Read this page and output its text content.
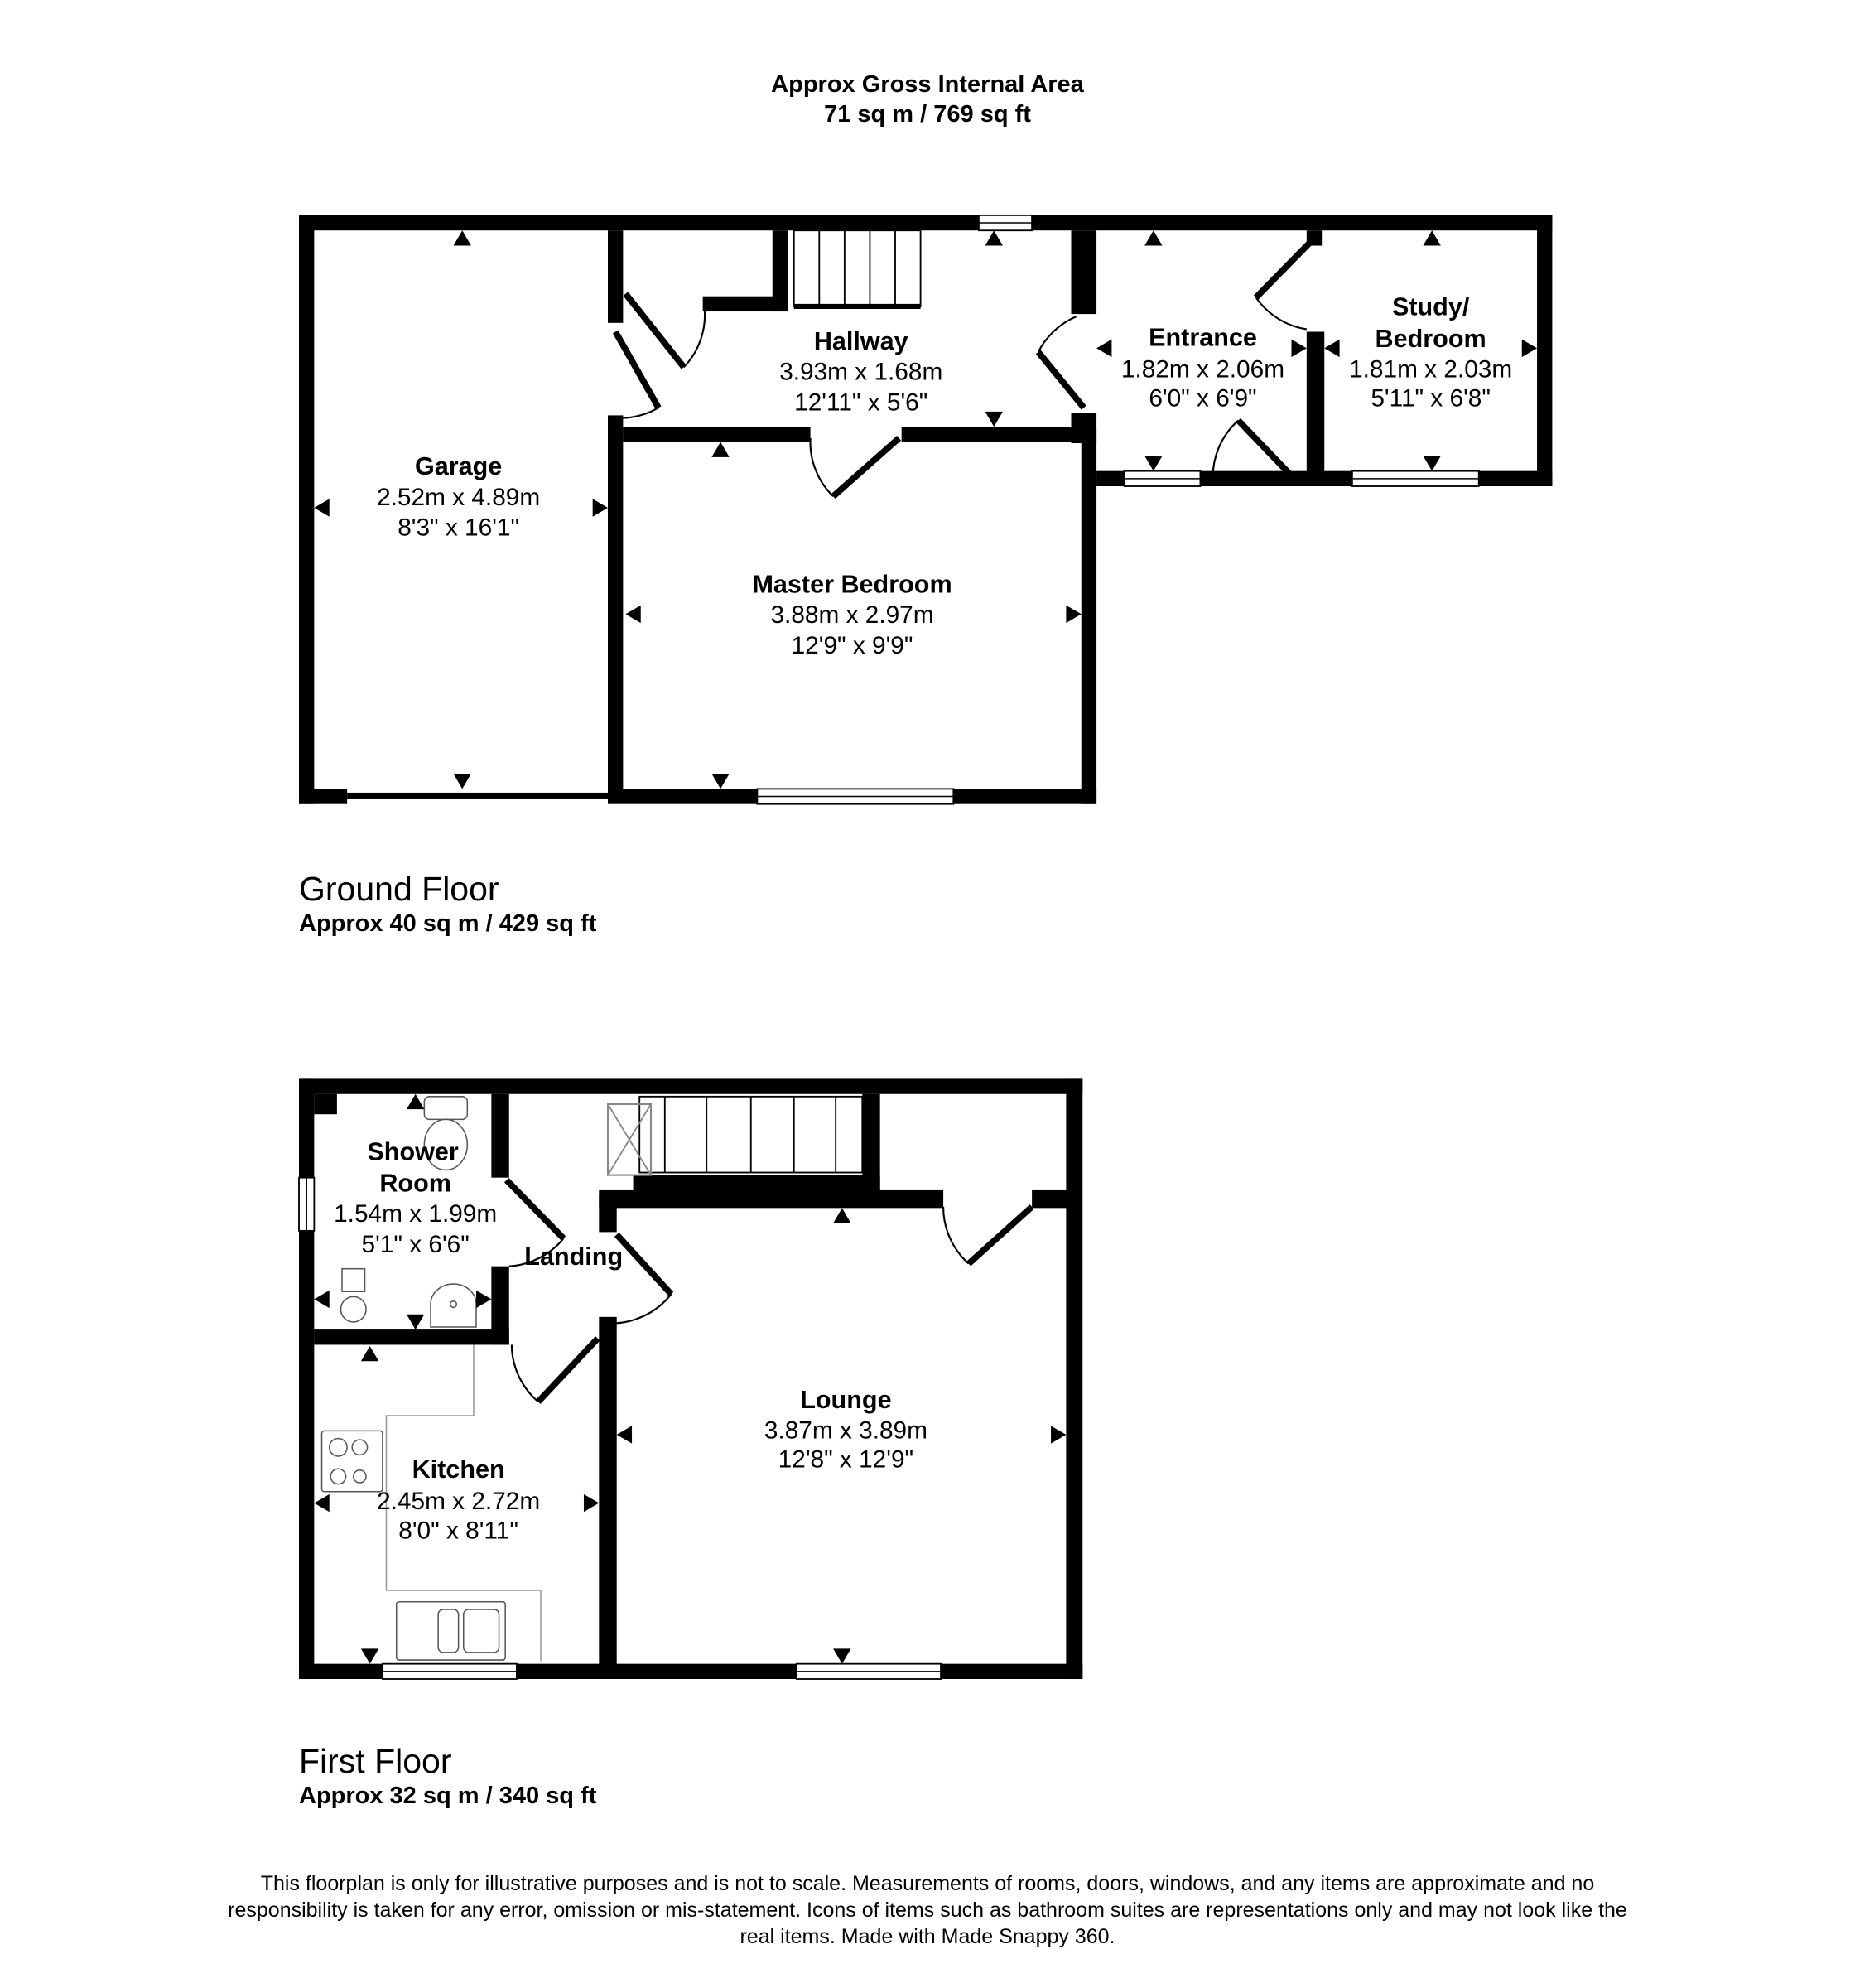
Approx Gross Internal Area
71 sq m / 769 sq ft
Garage
2.52m x 4.89m
8'3" x 16'1"
Hallway
3.93m x 1.68m
12'11" x 5'6"
Entrance
1.82m x 2.06m
6'0" x 6'9"
Study/
Bedroom
1.81m x 2.03m
5'11" x 6'8"
Master Bedroom
3.88m x 2.97m
12'9" x 9'9"
Shower
Room
1.54m x 1.99m
5'1" x 6'6"	Landing
Kitchen
2.45m x 2.72m
8'0" x 8'11"
Lounge
3.87m x 3.89m
12'8" x 12'9"
Ground Floor
Approx 40 sq m / 429 sq ft
First Floor
Approx 32 sq m / 340 sq ft
This floorplan is only for illustrative purposes and is not to scale. Measurements of rooms, doors, windows, and any items are approximate and no responsibility is taken for any error, omission or mis-statement. Icons of items such as bathroom suites are representations only and may not look like the real items. Made with Made Snappy 360.
